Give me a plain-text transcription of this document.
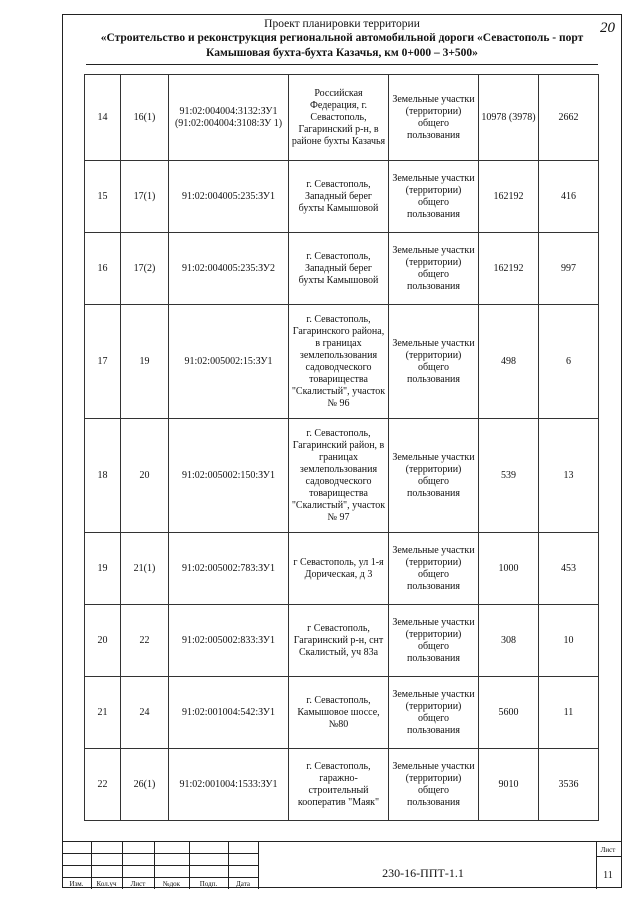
Проект планировки территории
«Строительство и реконструкция региональной автомобильной дороги «Севастополь - порт
Камышовая бухта-бухта Казачья, км 0+000 – 3+500»
20
14	16(1)	91:02:004004:3132:ЗУ1 (91:02:004004:3108:ЗУ 1)	Российская Федерация, г. Севастополь, Гагаринский р-н, в районе бухты Казачья	Земельные участки (территории) общего пользования	10978 (3978)	2662
15	17(1)	91:02:004005:235:ЗУ1	г. Севастополь, Западный берег бухты Камышовой	Земельные участки (территории) общего пользования	162192	416
16	17(2)	91:02:004005:235:ЗУ2	г. Севастополь, Западный берег бухты Камышовой	Земельные участки (территории) общего пользования	162192	997
17	19	91:02:005002:15:ЗУ1	г. Севастополь, Гагаринского района, в границах землепользования садоводческого товарищества "Скалистый", участок № 96	Земельные участки (территории) общего пользования	498	6
18	20	91:02:005002:150:ЗУ1	г. Севастополь, Гагаринский район, в границах землепользования садоводческого товарищества "Скалистый", участок № 97	Земельные участки (территории) общего пользования	539	13
19	21(1)	91:02:005002:783:ЗУ1	г Севастополь, ул 1-я Дорическая, д 3	Земельные участки (территории) общего пользования	1000	453
20	22	91:02:005002:833:ЗУ1	г Севастополь, Гагаринский р-н, снт Скалистый, уч 83а	Земельные участки (территории) общего пользования	308	10
21	24	91:02:001004:542:ЗУ1	г. Севастополь, Камышовое шоссе, №80	Земельные участки (территории) общего пользования	5600	11
22	26(1)	91:02:001004:1533:ЗУ1	г. Севастополь, гаражно-строительный кооператив "Маяк"	Земельные участки (территории) общего пользования	9010	3536
Изм.	Кол.уч	Лист	№док	Подп.	Дата
230-16-ППТ-1.1
Лист
11
